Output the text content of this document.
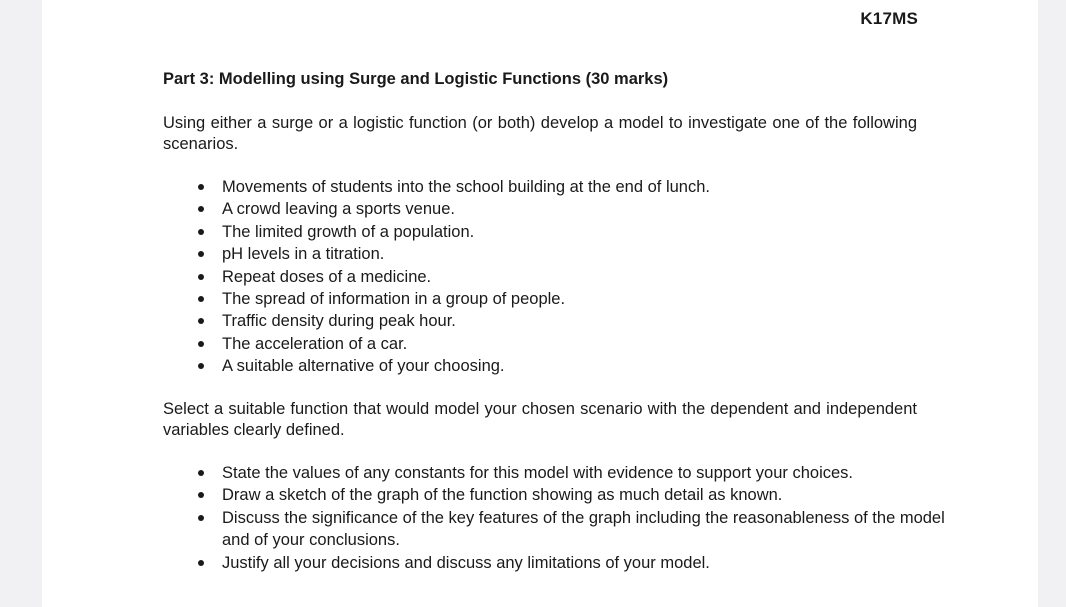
K17MS
Part 3: Modelling using Surge and Logistic Functions (30 marks)
Using either a surge or a logistic function (or both) develop a model to investigate one of the following scenarios.
Movements of students into the school building at the end of lunch.
A crowd leaving a sports venue.
The limited growth of a population.
pH levels in a titration.
Repeat doses of a medicine.
The spread of information in a group of people.
Traffic density during peak hour.
The acceleration of a car.
A suitable alternative of your choosing.
Select a suitable function that would model your chosen scenario with the dependent and independent variables clearly defined.
State the values of any constants for this model with evidence to support your choices.
Draw a sketch of the graph of the function showing as much detail as known.
Discuss the significance of the key features of the graph including the reasonableness of the model and of your conclusions.
Justify all your decisions and discuss any limitations of your model.
